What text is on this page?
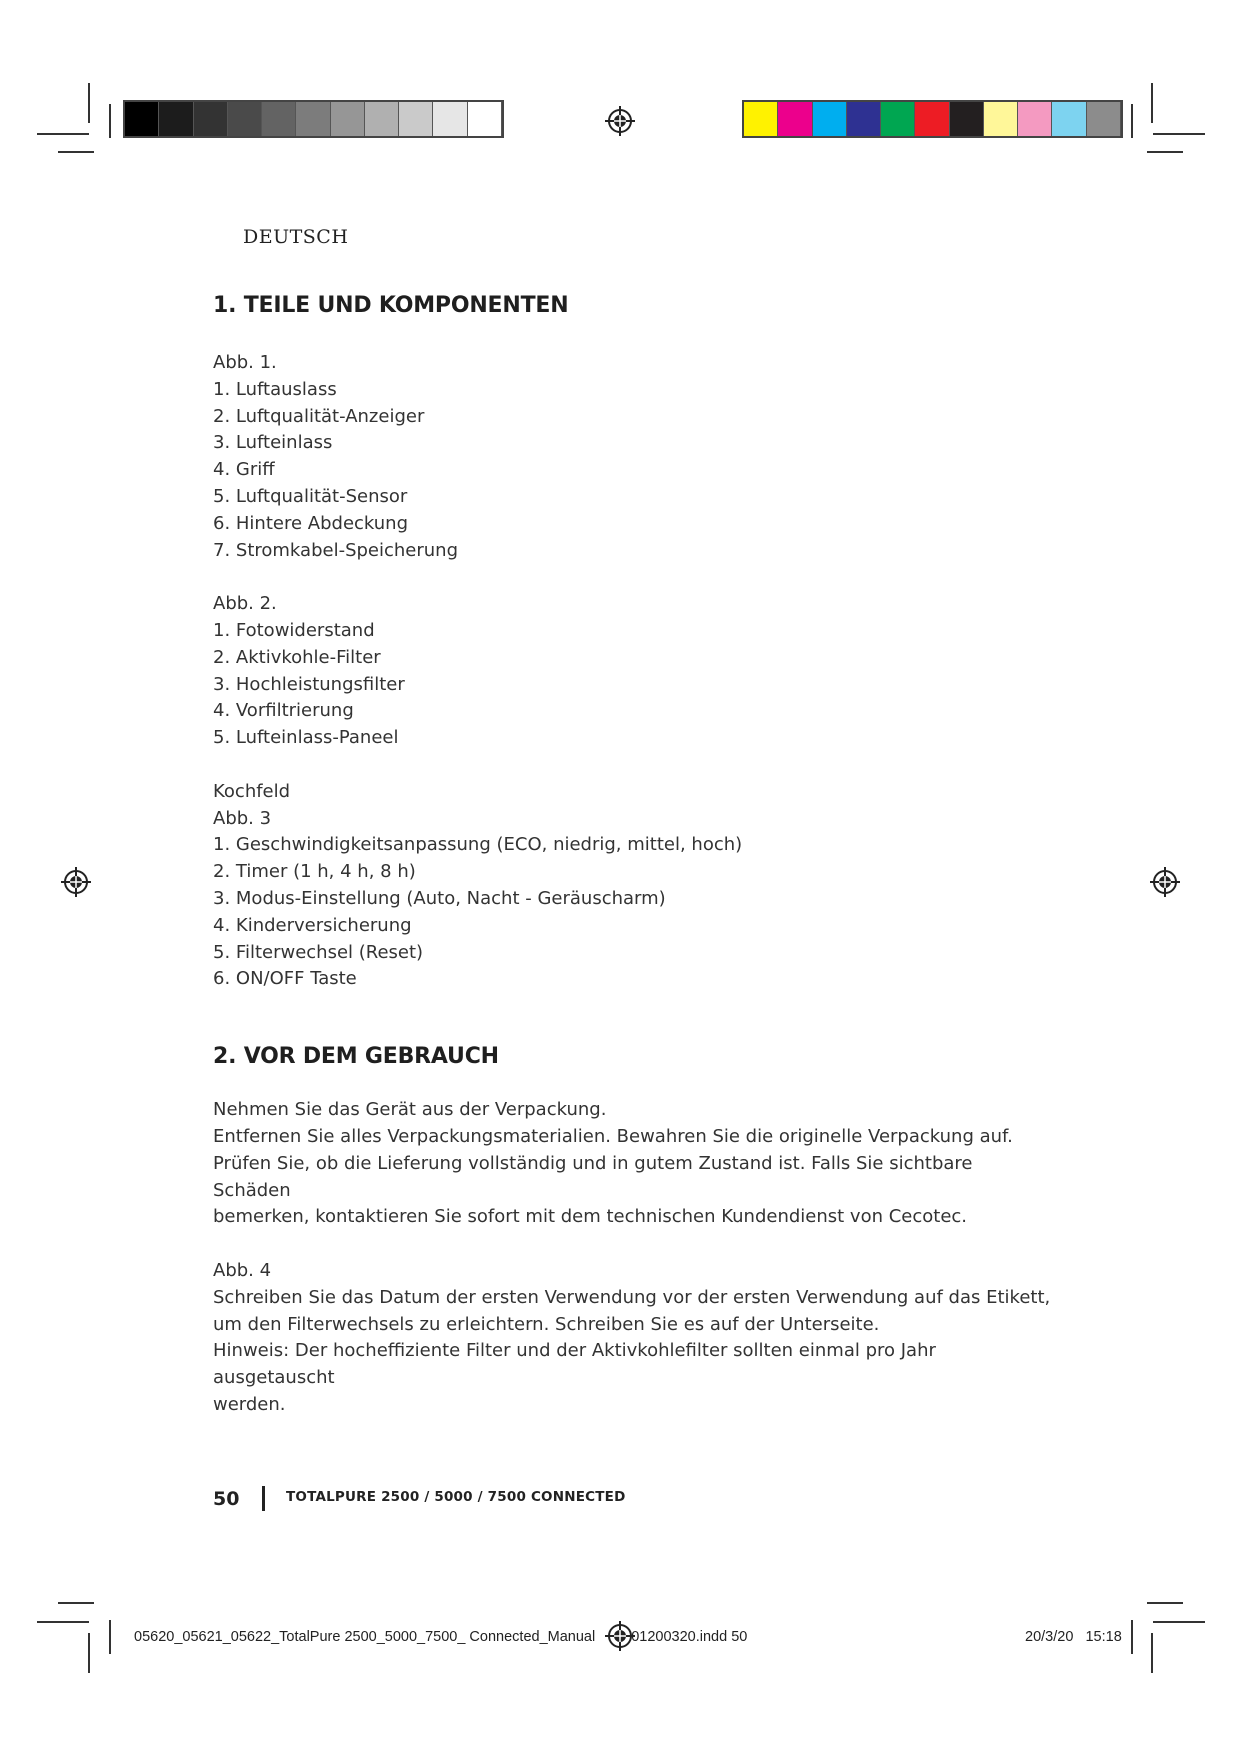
DEUTSCH
1. TEILE UND KOMPONENTEN

Abb. 1.

1. Luftauslass

2. Luftqualität-Anzeiger

3. Lufteinlass

4. Griff

5. Luftqualität-Sensor

6. Hintere Abdeckung

7. Stromkabel-Speicherung

Abb. 2.

1. Fotowiderstand

2. Aktivkohle-Filter

3. Hochleistungsfilter

4. Vorfiltrierung

5. Lufteinlass-Paneel

Kochfeld

Abb. 3

1. Geschwindigkeitsanpassung (ECO, niedrig, mittel, hoch)

2. Timer (1 h, 4 h, 8 h)

3. Modus-Einstellung (Auto, Nacht - Geräuscharm)

4. Kinderversicherung

5. Filterwechsel (Reset)

6. ON/OFF Taste

2. VOR DEM GEBRAUCH

Nehmen Sie das Gerät aus der Verpackung.

Entfernen Sie alles Verpackungsmaterialien. Bewahren Sie die originelle Verpackung auf.

Prüfen Sie, ob die Lieferung vollständig und in gutem Zustand ist. Falls Sie sichtbare Schäden

bemerken, kontaktieren Sie sofort mit dem technischen Kundendienst von Cecotec.

Abb. 4

Schreiben Sie das Datum der ersten Verwendung vor der ersten Verwendung auf das Etikett,

um den Filterwechsels zu erleichtern. Schreiben Sie es auf der Unterseite.

Hinweis: Der hocheffiziente Filter und der Aktivkohlefilter sollten einmal pro Jahr ausgetauscht

werden.

50	TOTALPURE 2500 / 5000 / 7500 CONNECTED
05620_05621_05622_TotalPure 2500_5000_7500_ Connected_Manual 01200320.indd 50	20/3/20 15:18
